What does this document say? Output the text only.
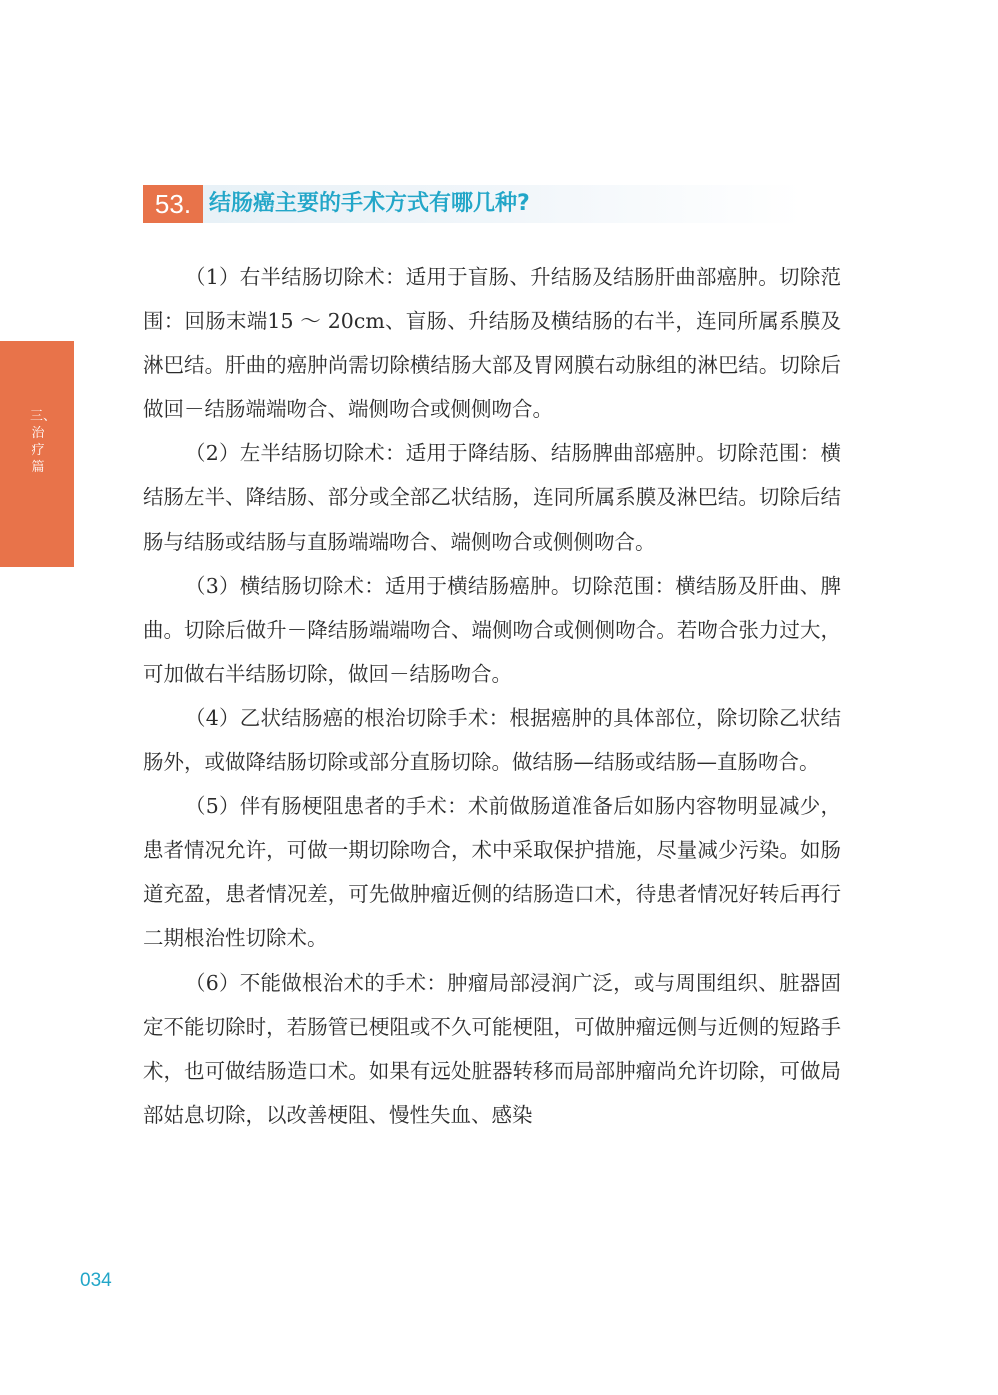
53. 结肠癌主要的手术方式有哪几种?
三、治疗篇

（1）右半结肠切除术：适用于盲肠、升结肠及结肠肝曲部癌肿。切除范围：回肠末端15 ～ 20cm、盲肠、升结肠及横结肠的右半，连同所属系膜及淋巴结。肝曲的癌肿尚需切除横结肠大部及胃网膜右动脉组的淋巴结。切除后做回－结肠端端吻合、端侧吻合或侧侧吻合。

（2）左半结肠切除术：适用于降结肠、结肠脾曲部癌肿。切除范围：横结肠左半、降结肠、部分或全部乙状结肠，连同所属系膜及淋巴结。切除后结肠与结肠或结肠与直肠端端吻合、端侧吻合或侧侧吻合。

（3）横结肠切除术：适用于横结肠癌肿。切除范围：横结肠及肝曲、脾曲。切除后做升－降结肠端端吻合、端侧吻合或侧侧吻合。若吻合张力过大，可加做右半结肠切除，做回－结肠吻合。

（4）乙状结肠癌的根治切除手术：根据癌肿的具体部位，除切除乙状结肠外，或做降结肠切除或部分直肠切除。做结肠—结肠或结肠—直肠吻合。

（5）伴有肠梗阻患者的手术：术前做肠道准备后如肠内容物明显减少，患者情况允许，可做一期切除吻合，术中采取保护措施，尽量减少污染。如肠道充盈，患者情况差，可先做肿瘤近侧的结肠造口术，待患者情况好转后再行二期根治性切除术。

（6）不能做根治术的手术：肿瘤局部浸润广泛，或与周围组织、脏器固定不能切除时，若肠管已梗阻或不久可能梗阻，可做肿瘤远侧与近侧的短路手术，也可做结肠造口术。如果有远处脏器转移而局部肿瘤尚允许切除，可做局部姑息切除，以改善梗阻、慢性失血、感染

034
